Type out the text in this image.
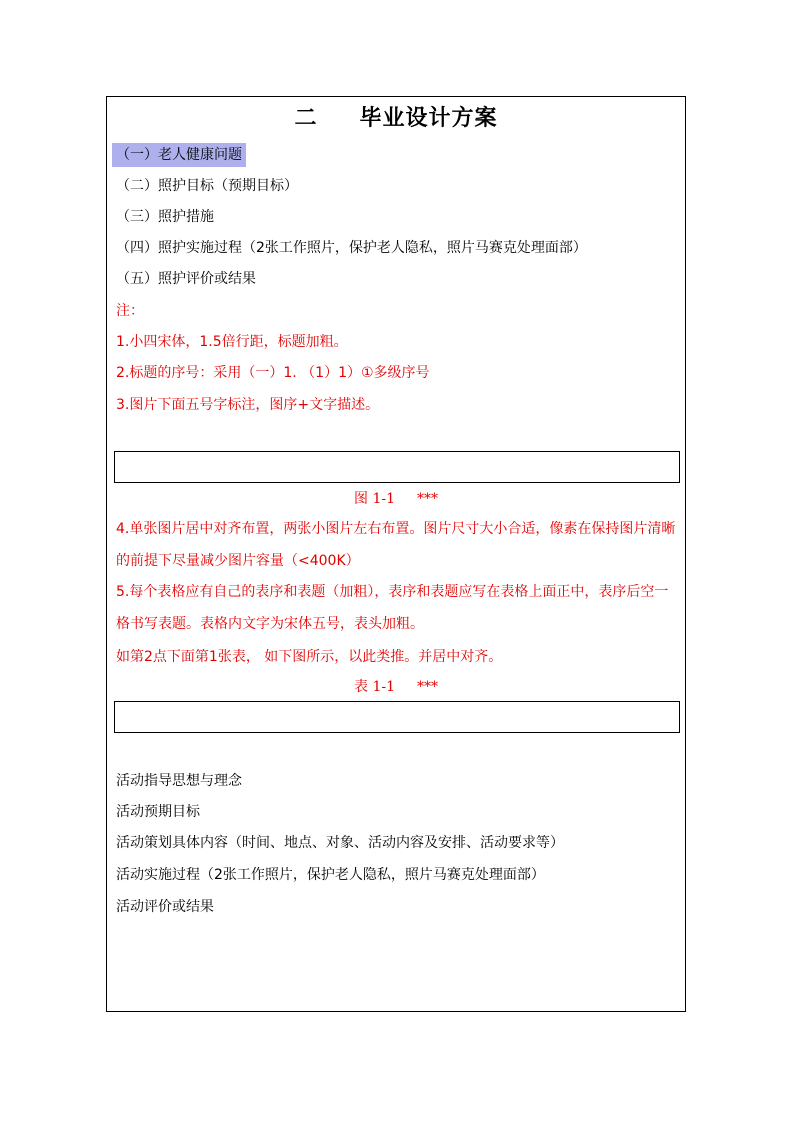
二 毕业设计方案
（一）老人健康问题
（二）照护目标（预期目标）
（三）照护措施
（四）照护实施过程（2张工作照片，保护老人隐私，照片马赛克处理面部）
（五）照护评价或结果
注：
1.小四宋体，1.5倍行距，标题加粗。
2.标题的序号：采用（一）1. （1）1）①多级序号
3.图片下面五号字标注，图序+文字描述。
图 1-1 ***
4.单张图片居中对齐布置，两张小图片左右布置。图片尺寸大小合适，像素在保持图片清晰的前提下尽量减少图片容量（<400K）
5.每个表格应有自己的表序和表题（加粗），表序和表题应写在表格上面正中，表序后空一格书写表题。表格内文字为宋体五号，表头加粗。
如第2点下面第1张表， 如下图所示，以此类推。并居中对齐。
表 1-1 ***
活动指导思想与理念
活动预期目标
活动策划具体内容（时间、地点、对象、活动内容及安排、活动要求等）
活动实施过程（2张工作照片，保护老人隐私，照片马赛克处理面部）
活动评价或结果
